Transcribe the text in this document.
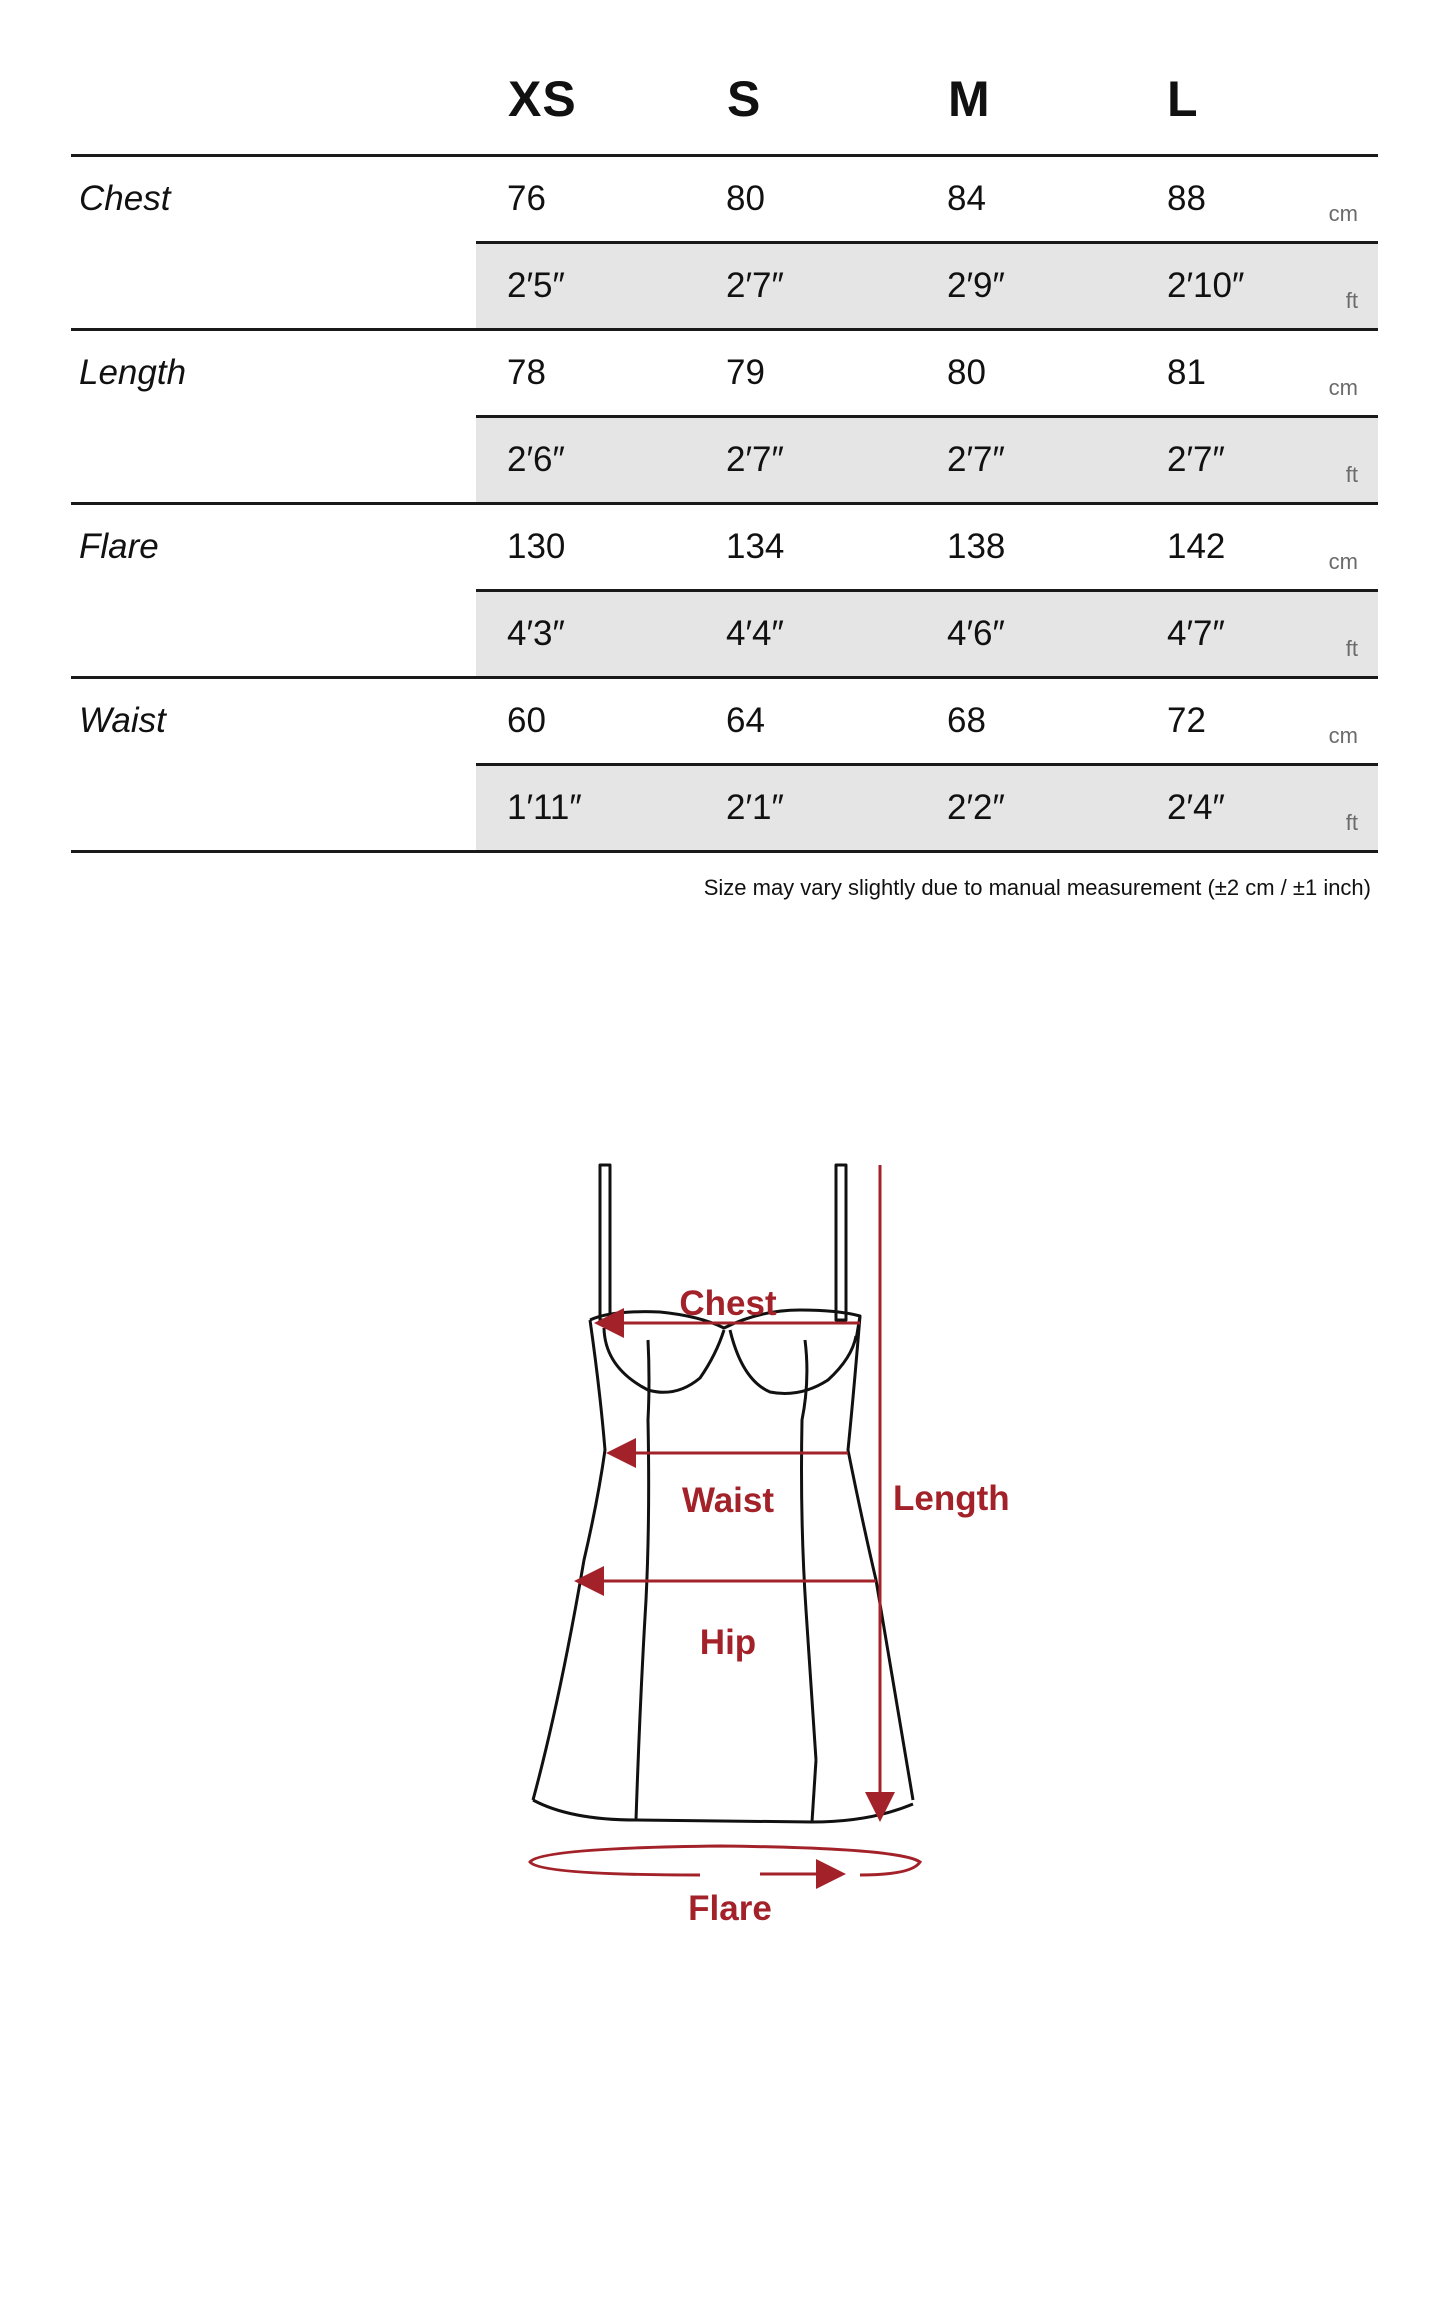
XS	S	M	L
Chest	76	80	84	88	cm
2′5″	2′7″	2′9″	2′10″	ft
Length	78	79	80	81	cm
2′6″	2′7″	2′7″	2′7″	ft
Flare	130	134	138	142	cm
4′3″	4′4″	4′6″	4′7″	ft
Waist	60	64	68	72	cm
1′11″	2′1″	2′2″	2′4″	ft
Size may vary slightly due to manual measurement (±2 cm / ±1 inch)
Chest
Waist
Hip
Length
Flare
